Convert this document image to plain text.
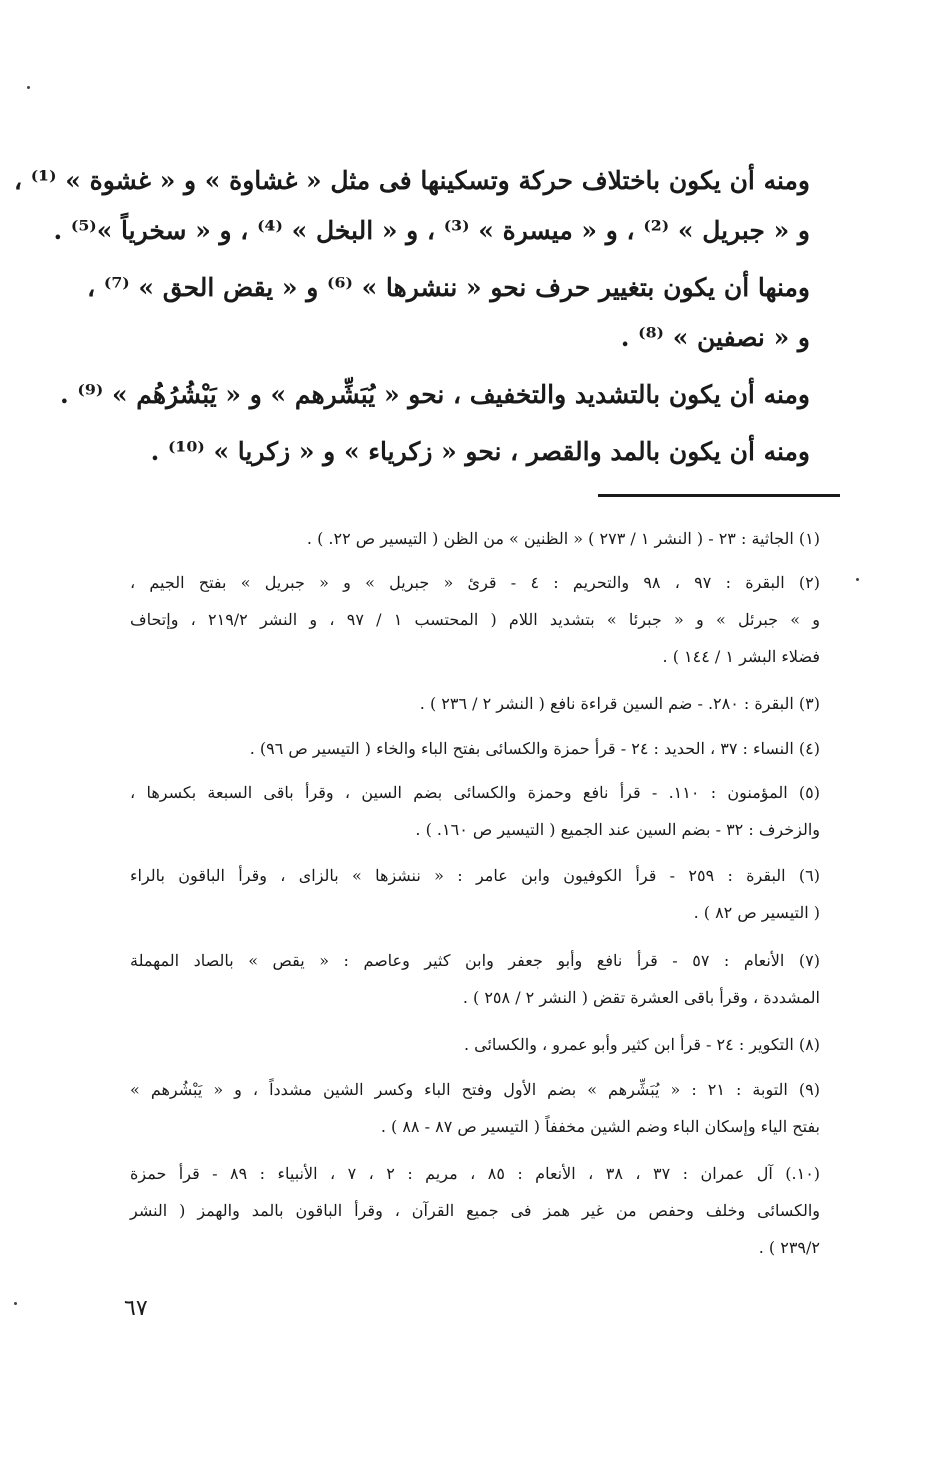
ومنه أن يكون باختلاف حركة وتسكينها فى مثل « غشاوة » و « غشوة » ⁽¹⁾ ،
و « جبريل » ⁽²⁾ ، و « ميسرة » ⁽³⁾ ، و « البخل » ⁽⁴⁾ ، و « سخرياً »⁽⁵⁾ .
ومنها أن يكون بتغيير حرف نحو « ننشرها » ⁽⁶⁾ و « يقض الحق » ⁽⁷⁾ ،
و « نصفين » ⁽⁸⁾ .
ومنه أن يكون بالتشديد والتخفيف ، نحو « يُبَشِّرهم » و « يَبْشُرُهُم » ⁽⁹⁾ .
ومنه أن يكون بالمد والقصر ، نحو « زكرياء » و « زكريا » ⁽¹⁰⁾ .
(١) الجاثية : ٢٣ - ( النشر ١ / ٢٧٣ ) « الظنين » من الظن ( التيسير ص ٢٢. ) .
(٢) البقرة : ٩٧ ، ٩٨ والتحريم : ٤ - قرئ « جبريل » و « جبريل » بفتح الجيم ،
و » جبرئل » و « جبرئا » بتشديد اللام ( المحتسب ١ / ٩٧ ، و النشر ٢١٩/٢ ، وإتحاف
فضلاء البشر ١ / ١٤٤ ) .
(٣) البقرة : ٢٨٠. - ضم السين قراءة نافع ( النشر ٢ / ٢٣٦ ) .
(٤) النساء : ٣٧ ، الحديد : ٢٤ - قرأ حمزة والكسائى بفتح الباء والخاء ( التيسير ص ٩٦) .
(٥) المؤمنون : ١١٠. - قرأ نافع وحمزة والكسائى بضم السين ، وقرأ باقى السبعة بكسرها ،
والزخرف : ٣٢ - بضم السين عند الجميع ( التيسير ص ١٦٠. ) .
(٦) البقرة : ٢٥٩ - قرأ الكوفيون وابن عامر : « ننشزها » بالزاى ، وقرأ الباقون بالراء
( التيسير ص ٨٢ ) .
(٧) الأنعام : ٥٧ - قرأ نافع وأبو جعفر وابن كثير وعاصم : « يقص » بالصاد المهملة
المشددة ، وقرأ باقى العشرة تقض ( النشر ٢ / ٢٥٨ ) .
(٨) التكوير : ٢٤ - قرأ ابن كثير وأبو عمرو ، والكسائى .
(٩) التوبة : ٢١ : « يُبَشِّرهم » بضم الأول وفتح الباء وكسر الشين مشدداً ، و « يَبْشُرهم »
بفتح الياء وإسكان الباء وضم الشين مخففاً ( التيسير ص ٨٧ - ٨٨ ) .
(١٠.) آل عمران : ٣٧ ، ٣٨ ، الأنعام : ٨٥ ، مريم : ٢ ، ٧ ، الأنبياء : ٨٩ - قرأ حمزة
والكسائى وخلف وحفص من غير همز فى جميع القرآن ، وقرأ الباقون بالمد والهمز ( النشر
٢٣٩/٢ ) .
٦٧
